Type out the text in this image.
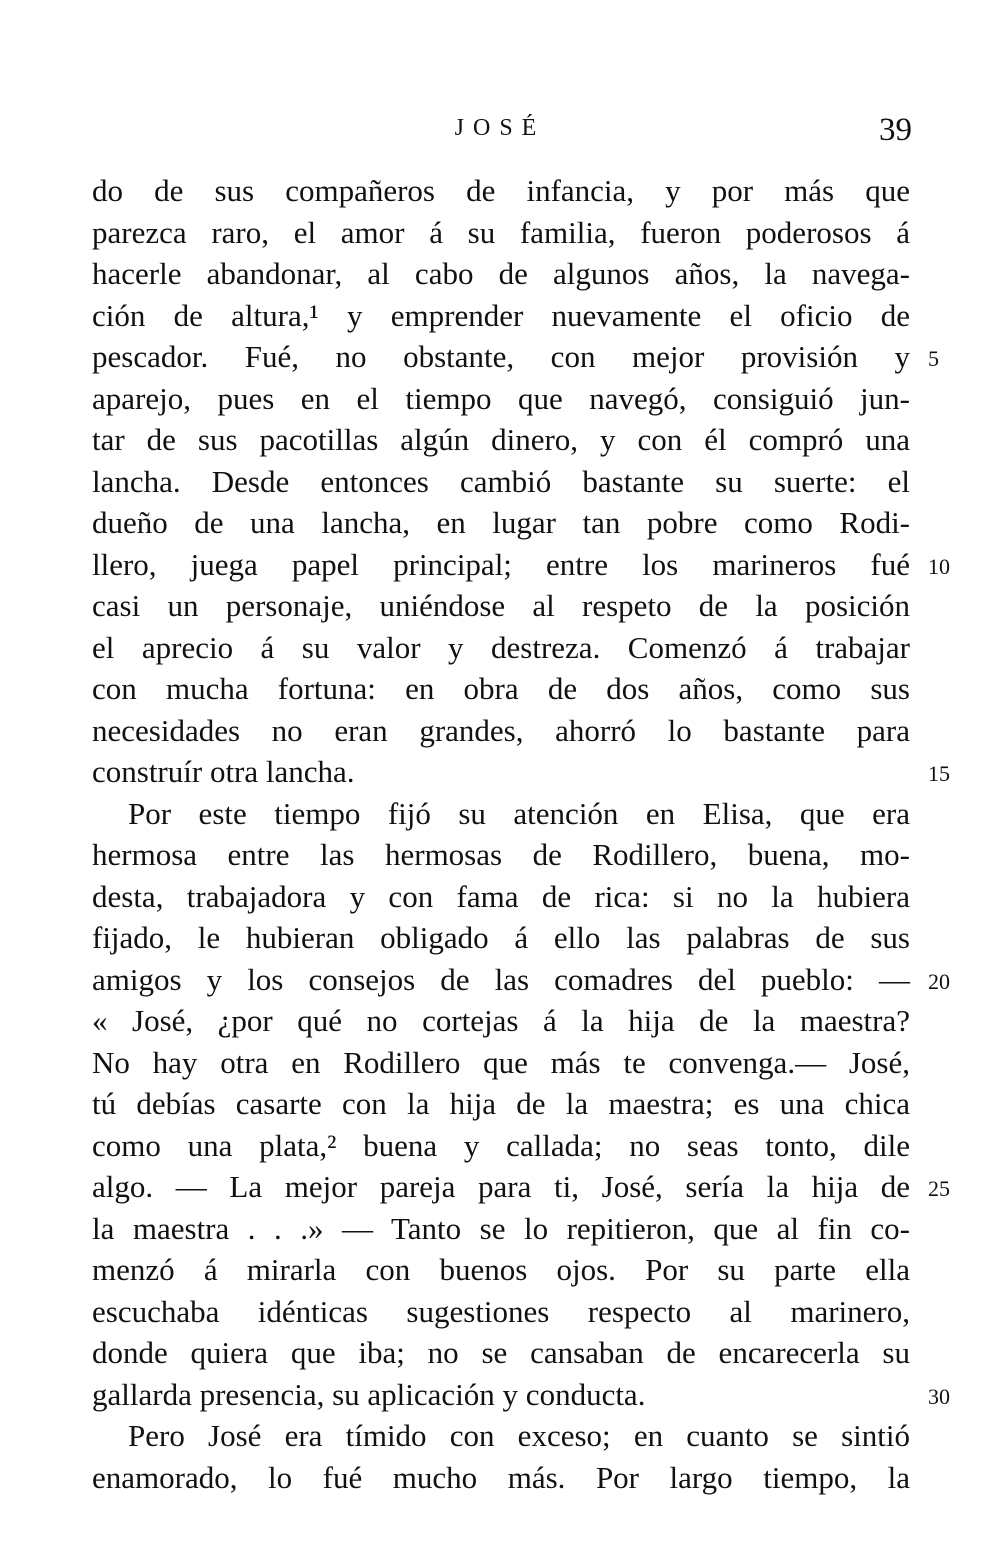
JOSÉ	39
do de sus compañeros de infancia, y por más que
parezca raro, el amor á su familia, fueron poderosos á
hacerle abandonar, al cabo de algunos años, la navega-
ción de altura,¹ y emprender nuevamente el oficio de
pescador. Fué, no obstante, con mejor provisión y 5
aparejo, pues en el tiempo que navegó, consiguió jun-
tar de sus pacotillas algún dinero, y con él compró una
lancha. Desde entonces cambió bastante su suerte: el
dueño de una lancha, en lugar tan pobre como Rodi-
llero, juega papel principal; entre los marineros fué 10
casi un personaje, uniéndose al respeto de la posición
el aprecio á su valor y destreza. Comenzó á trabajar
con mucha fortuna: en obra de dos años, como sus
necesidades no eran grandes, ahorró lo bastante para
construír otra lancha.	15
Por este tiempo fijó su atención en Elisa, que era
hermosa entre las hermosas de Rodillero, buena, mo-
desta, trabajadora y con fama de rica: si no la hubiera
fijado, le hubieran obligado á ello las palabras de sus
amigos y los consejos de las comadres del pueblo: — 20
« José, ¿por qué no cortejas á la hija de la maestra?
No hay otra en Rodillero que más te convenga.— José,
tú debías casarte con la hija de la maestra; es una chica
como una plata,² buena y callada; no seas tonto, dile
algo. — La mejor pareja para ti, José, sería la hija de 25
la maestra . . .» — Tanto se lo repitieron, que al fin co-
menzó á mirarla con buenos ojos. Por su parte ella
escuchaba idénticas sugestiones respecto al marinero,
donde quiera que iba; no se cansaban de encarecerla su
gallarda presencia, su aplicación y conducta.	30
Pero José era tímido con exceso; en cuanto se sintió
enamorado, lo fué mucho más. Por largo tiempo, la
